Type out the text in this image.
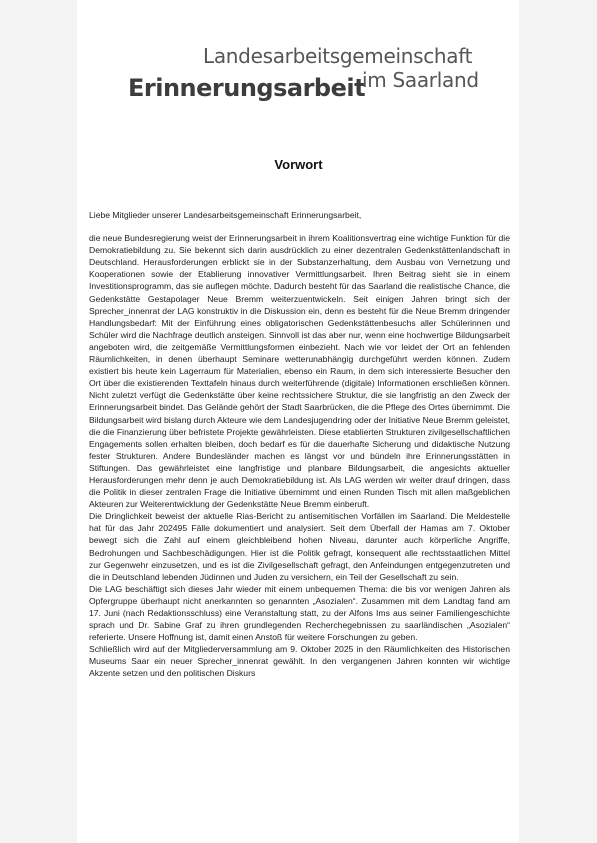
Landesarbeitsgemeinschaft
Erinnerungsarbeit
im Saarland
Vorwort

Liebe Mitglieder unserer Landesarbeitsgemeinschaft Erinnerungsarbeit,

die neue Bundesregierung weist der Erinnerungsarbeit in ihrem Koalitionsvertrag eine wichtige Funktion für die Demokratiebildung zu. Sie bekennt sich darin ausdrücklich zu einer dezentralen Gedenkstättenlandschaft in Deutschland. Herausforderungen erblickt sie in der Substanzerhaltung, dem Ausbau von Vernetzung und Kooperationen sowie der Etablierung innovativer Vermittlungsarbeit. Ihren Beitrag sieht sie in einem Investitionsprogramm, das sie auflegen möchte. Dadurch besteht für das Saarland die realistische Chance, die Gedenkstätte Gestapolager Neue Bremm weiterzuentwickeln. Seit einigen Jahren bringt sich der Sprecher_innenrat der LAG konstruktiv in die Diskussion ein, denn es besteht für die Neue Bremm dringender Handlungsbedarf: Mit der Einführung eines obligatorischen Gedenkstättenbesuchs aller Schülerinnen und Schüler wird die Nachfrage deutlich ansteigen. Sinnvoll ist das aber nur, wenn eine hochwertige Bildungsarbeit angeboten wird, die zeitgemäße Vermittlungsformen einbezieht. Nach wie vor leidet der Ort an fehlenden Räumlichkeiten, in denen überhaupt Seminare wetterunabhängig durchgeführt werden können. Zudem existiert bis heute kein Lagerraum für Materialien, ebenso ein Raum, in dem sich interessierte Besucher den Ort über die existierenden Texttafeln hinaus durch weiterführende (digitale) Informationen erschließen können. Nicht zuletzt verfügt die Gedenkstätte über keine rechtssichere Struktur, die sie langfristig an den Zweck der Erinnerungsarbeit bindet. Das Gelände gehört der Stadt Saarbrücken, die die Pflege des Ortes übernimmt. Die Bildungsarbeit wird bislang durch Akteure wie dem Landesjugendring oder der Initiative Neue Bremm geleistet, die die Finanzierung über befristete Projekte gewährleisten. Diese etablierten Strukturen zivilgesellschaftlichen Engagements sollen erhalten bleiben, doch bedarf es für die dauerhafte Sicherung und didaktische Nutzung fester Strukturen. Andere Bundesländer machen es längst vor und bündeln ihre Erinnerungsstätten in Stiftungen. Das gewährleistet eine langfristige und planbare Bildungsarbeit, die angesichts aktueller Herausforderungen mehr denn je auch Demokratiebildung ist. Als LAG werden wir weiter drauf dringen, dass die Politik in dieser zentralen Frage die Initiative übernimmt und einen Runden Tisch mit allen maßgeblichen Akteuren zur Weiterentwicklung der Gedenkstätte Neue Bremm einberuft.

Die Dringlichkeit beweist der aktuelle Rias-Bericht zu antisemitischen Vorfällen im Saarland. Die Meldestelle hat für das Jahr 202495 Fälle dokumentiert und analysiert. Seit dem Überfall der Hamas am 7. Oktober bewegt sich die Zahl auf einem gleichbleibend hohen Niveau, darunter auch körperliche Angriffe, Bedrohungen und Sachbeschädigungen. Hier ist die Politik gefragt, konsequent alle rechtsstaatlichen Mittel zur Gegenwehr einzusetzen, und es ist die Zivilgesellschaft gefragt, den Anfeindungen entgegenzutreten und die in Deutschland lebenden Jüdinnen und Juden zu versichern, ein Teil der Gesellschaft zu sein.

Die LAG beschäftigt sich dieses Jahr wieder mit einem unbequemen Thema: die bis vor wenigen Jahren als Opfergruppe überhaupt nicht anerkannten so genannten „Asozialen“. Zusammen mit dem Landtag fand am 17. Juni (nach Redaktionsschluss) eine Veranstaltung statt, zu der Alfons Ims aus seiner Familiengeschichte sprach und Dr. Sabine Graf zu ihren grundlegenden Recherchegebnissen zu saarländischen „Asozialen“ referierte. Unsere Hoffnung ist, damit einen Anstoß für weitere Forschungen zu geben.

Schließlich wird auf der Mitgliederversammlung am 9. Oktober 2025 in den Räumlichkeiten des Historischen Museums Saar ein neuer Sprecher_innenrat gewählt. In den vergangenen Jahren konnten wir wichtige Akzente setzen und den politischen Diskurs
